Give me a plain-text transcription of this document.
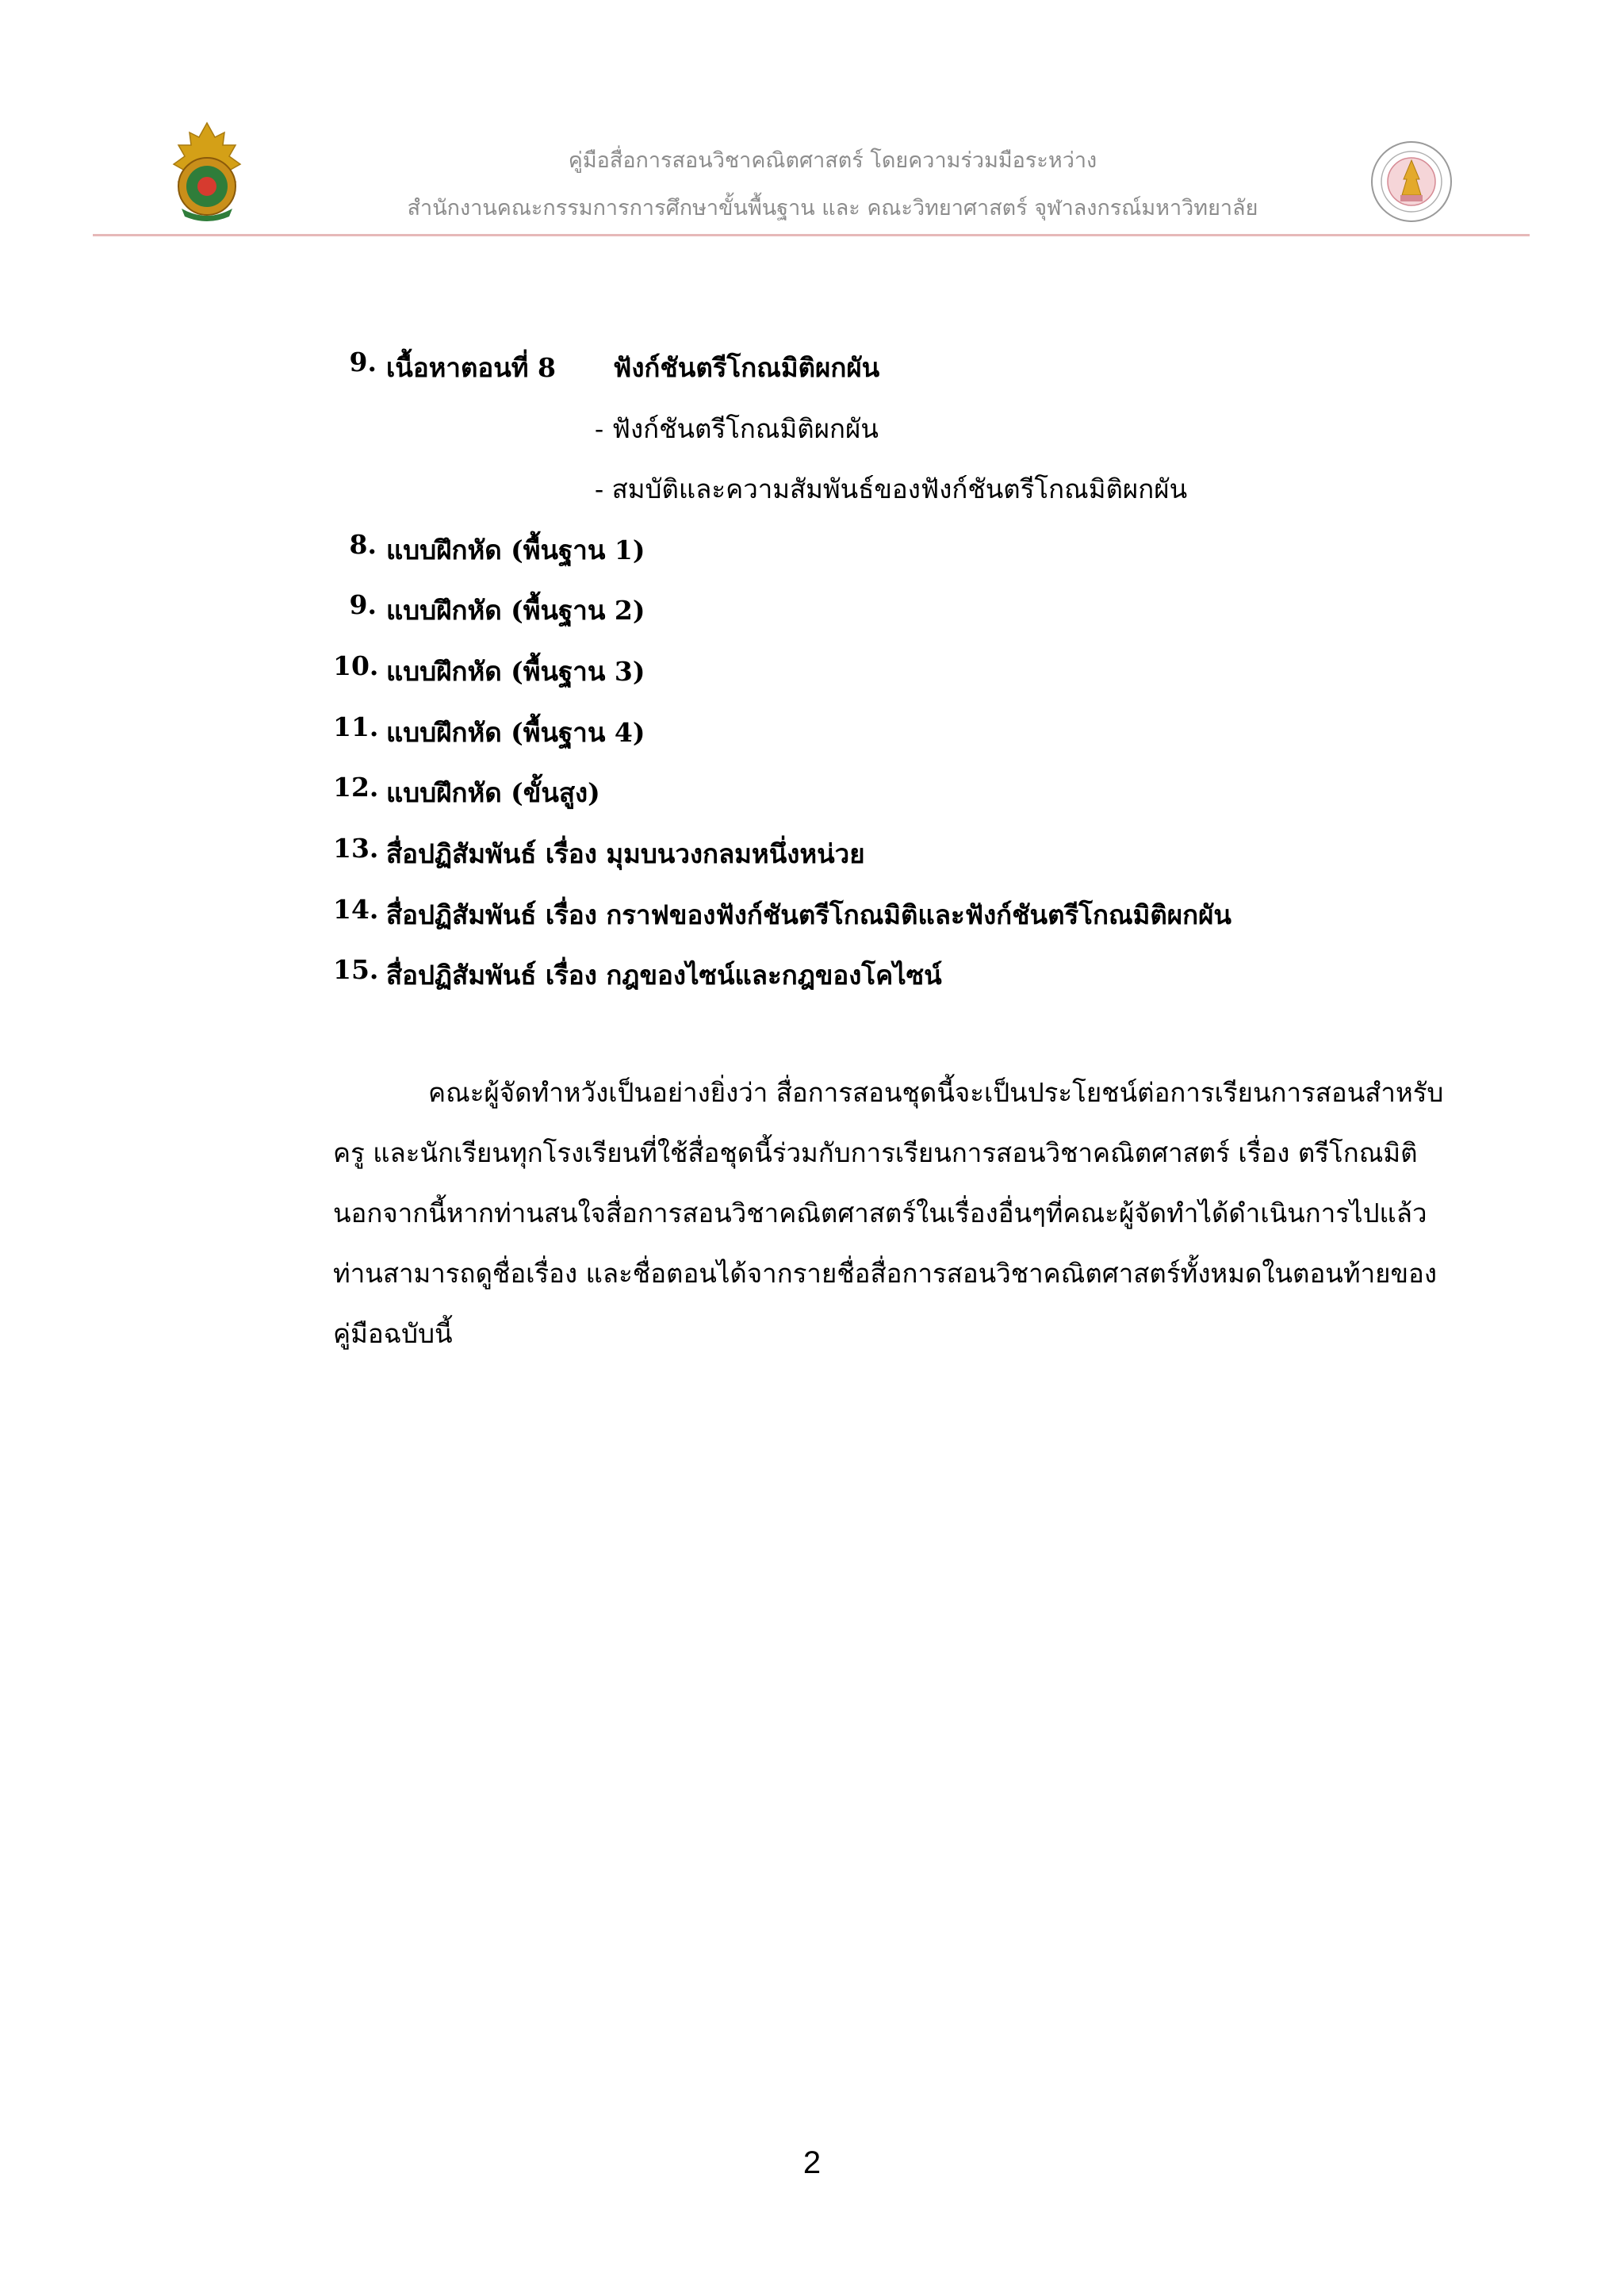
คู่มือสื่อการสอนวิชาคณิตศาสตร์ โดยความร่วมมือระหว่าง
สำนักงานคณะกรรมการการศึกษาขั้นพื้นฐาน และ คณะวิทยาศาสตร์ จุฬาลงกรณ์มหาวิทยาลัย
9. เนื้อหาตอนที่ 8 ฟังก์ชันตรีโกณมิติผกผัน
- ฟังก์ชันตรีโกณมิติผกผัน
- สมบัติและความสัมพันธ์ของฟังก์ชันตรีโกณมิติผกผัน
8. แบบฝึกหัด (พื้นฐาน 1)
9. แบบฝึกหัด (พื้นฐาน 2)
10. แบบฝึกหัด (พื้นฐาน 3)
11. แบบฝึกหัด (พื้นฐาน 4)
12. แบบฝึกหัด (ขั้นสูง)
13. สื่อปฏิสัมพันธ์ เรื่อง มุมบนวงกลมหนึ่งหน่วย
14. สื่อปฏิสัมพันธ์ เรื่อง กราฟของฟังก์ชันตรีโกณมิติและฟังก์ชันตรีโกณมิติผกผัน
15. สื่อปฏิสัมพันธ์ เรื่อง กฎของไซน์และกฎของโคไซน์
คณะผู้จัดทำหวังเป็นอย่างยิ่งว่า สื่อการสอนชุดนี้จะเป็นประโยชน์ต่อการเรียนการสอนสำหรับ
ครู และนักเรียนทุกโรงเรียนที่ใช้สื่อชุดนี้ร่วมกับการเรียนการสอนวิชาคณิตศาสตร์ เรื่อง ตรีโกณมิติ
นอกจากนี้หากท่านสนใจสื่อการสอนวิชาคณิตศาสตร์ในเรื่องอื่นๆที่คณะผู้จัดทำได้ดำเนินการไปแล้ว
ท่านสามารถดูชื่อเรื่อง และชื่อตอนได้จากรายชื่อสื่อการสอนวิชาคณิตศาสตร์ทั้งหมดในตอนท้ายของ
คู่มือฉบับนี้
2
